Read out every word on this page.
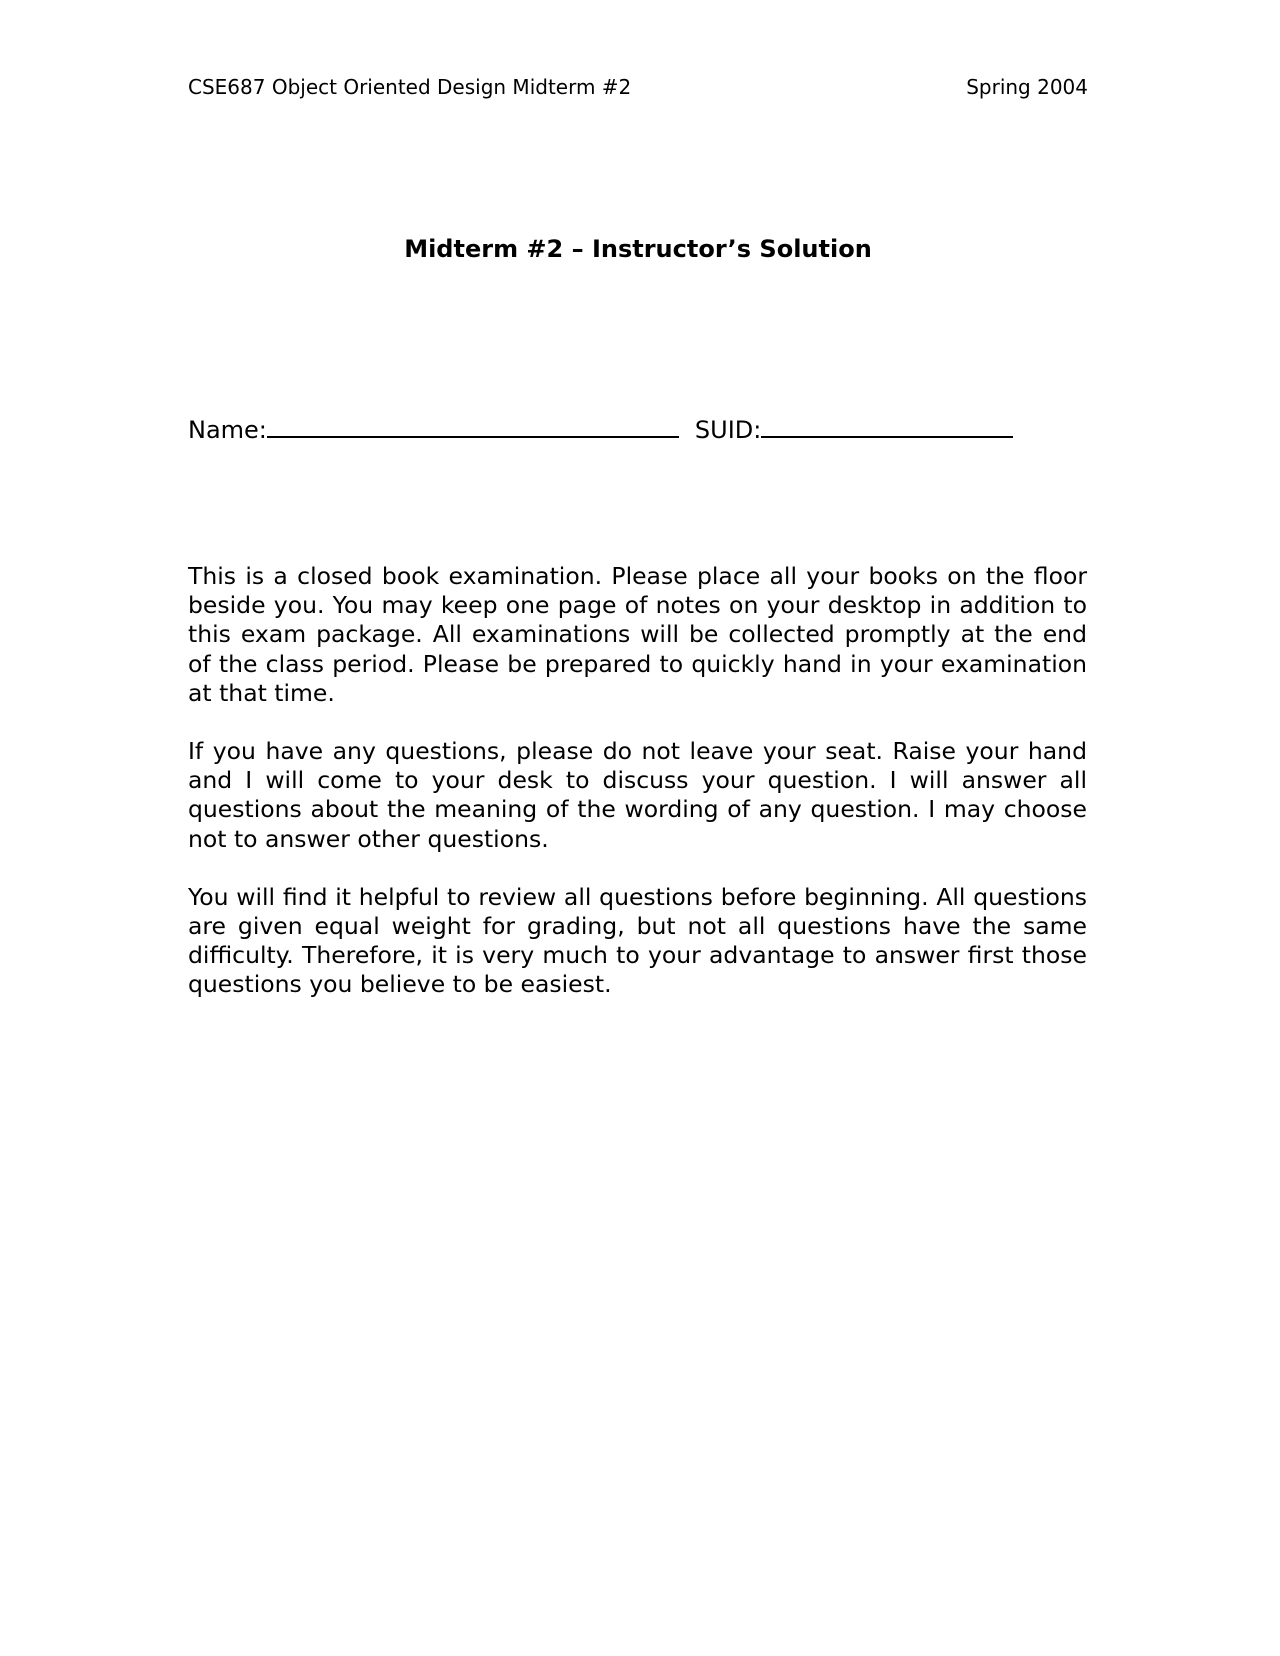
CSE687 Object Oriented Design Midterm #2	Spring 2004
Midterm #2 – Instructor’s Solution
Name:	SUID:

This is a closed book examination. Please place all your books on the floor beside you. You may keep one page of notes on your desktop in addition to this exam package. All examinations will be collected promptly at the end of the class period. Please be prepared to quickly hand in your examination at that time.

If you have any questions, please do not leave your seat. Raise your hand and I will come to your desk to discuss your question. I will answer all questions about the meaning of the wording of any question. I may choose not to answer other questions.

You will find it helpful to review all questions before beginning. All questions are given equal weight for grading, but not all questions have the same difficulty. Therefore, it is very much to your advantage to answer first those questions you believe to be easiest.
